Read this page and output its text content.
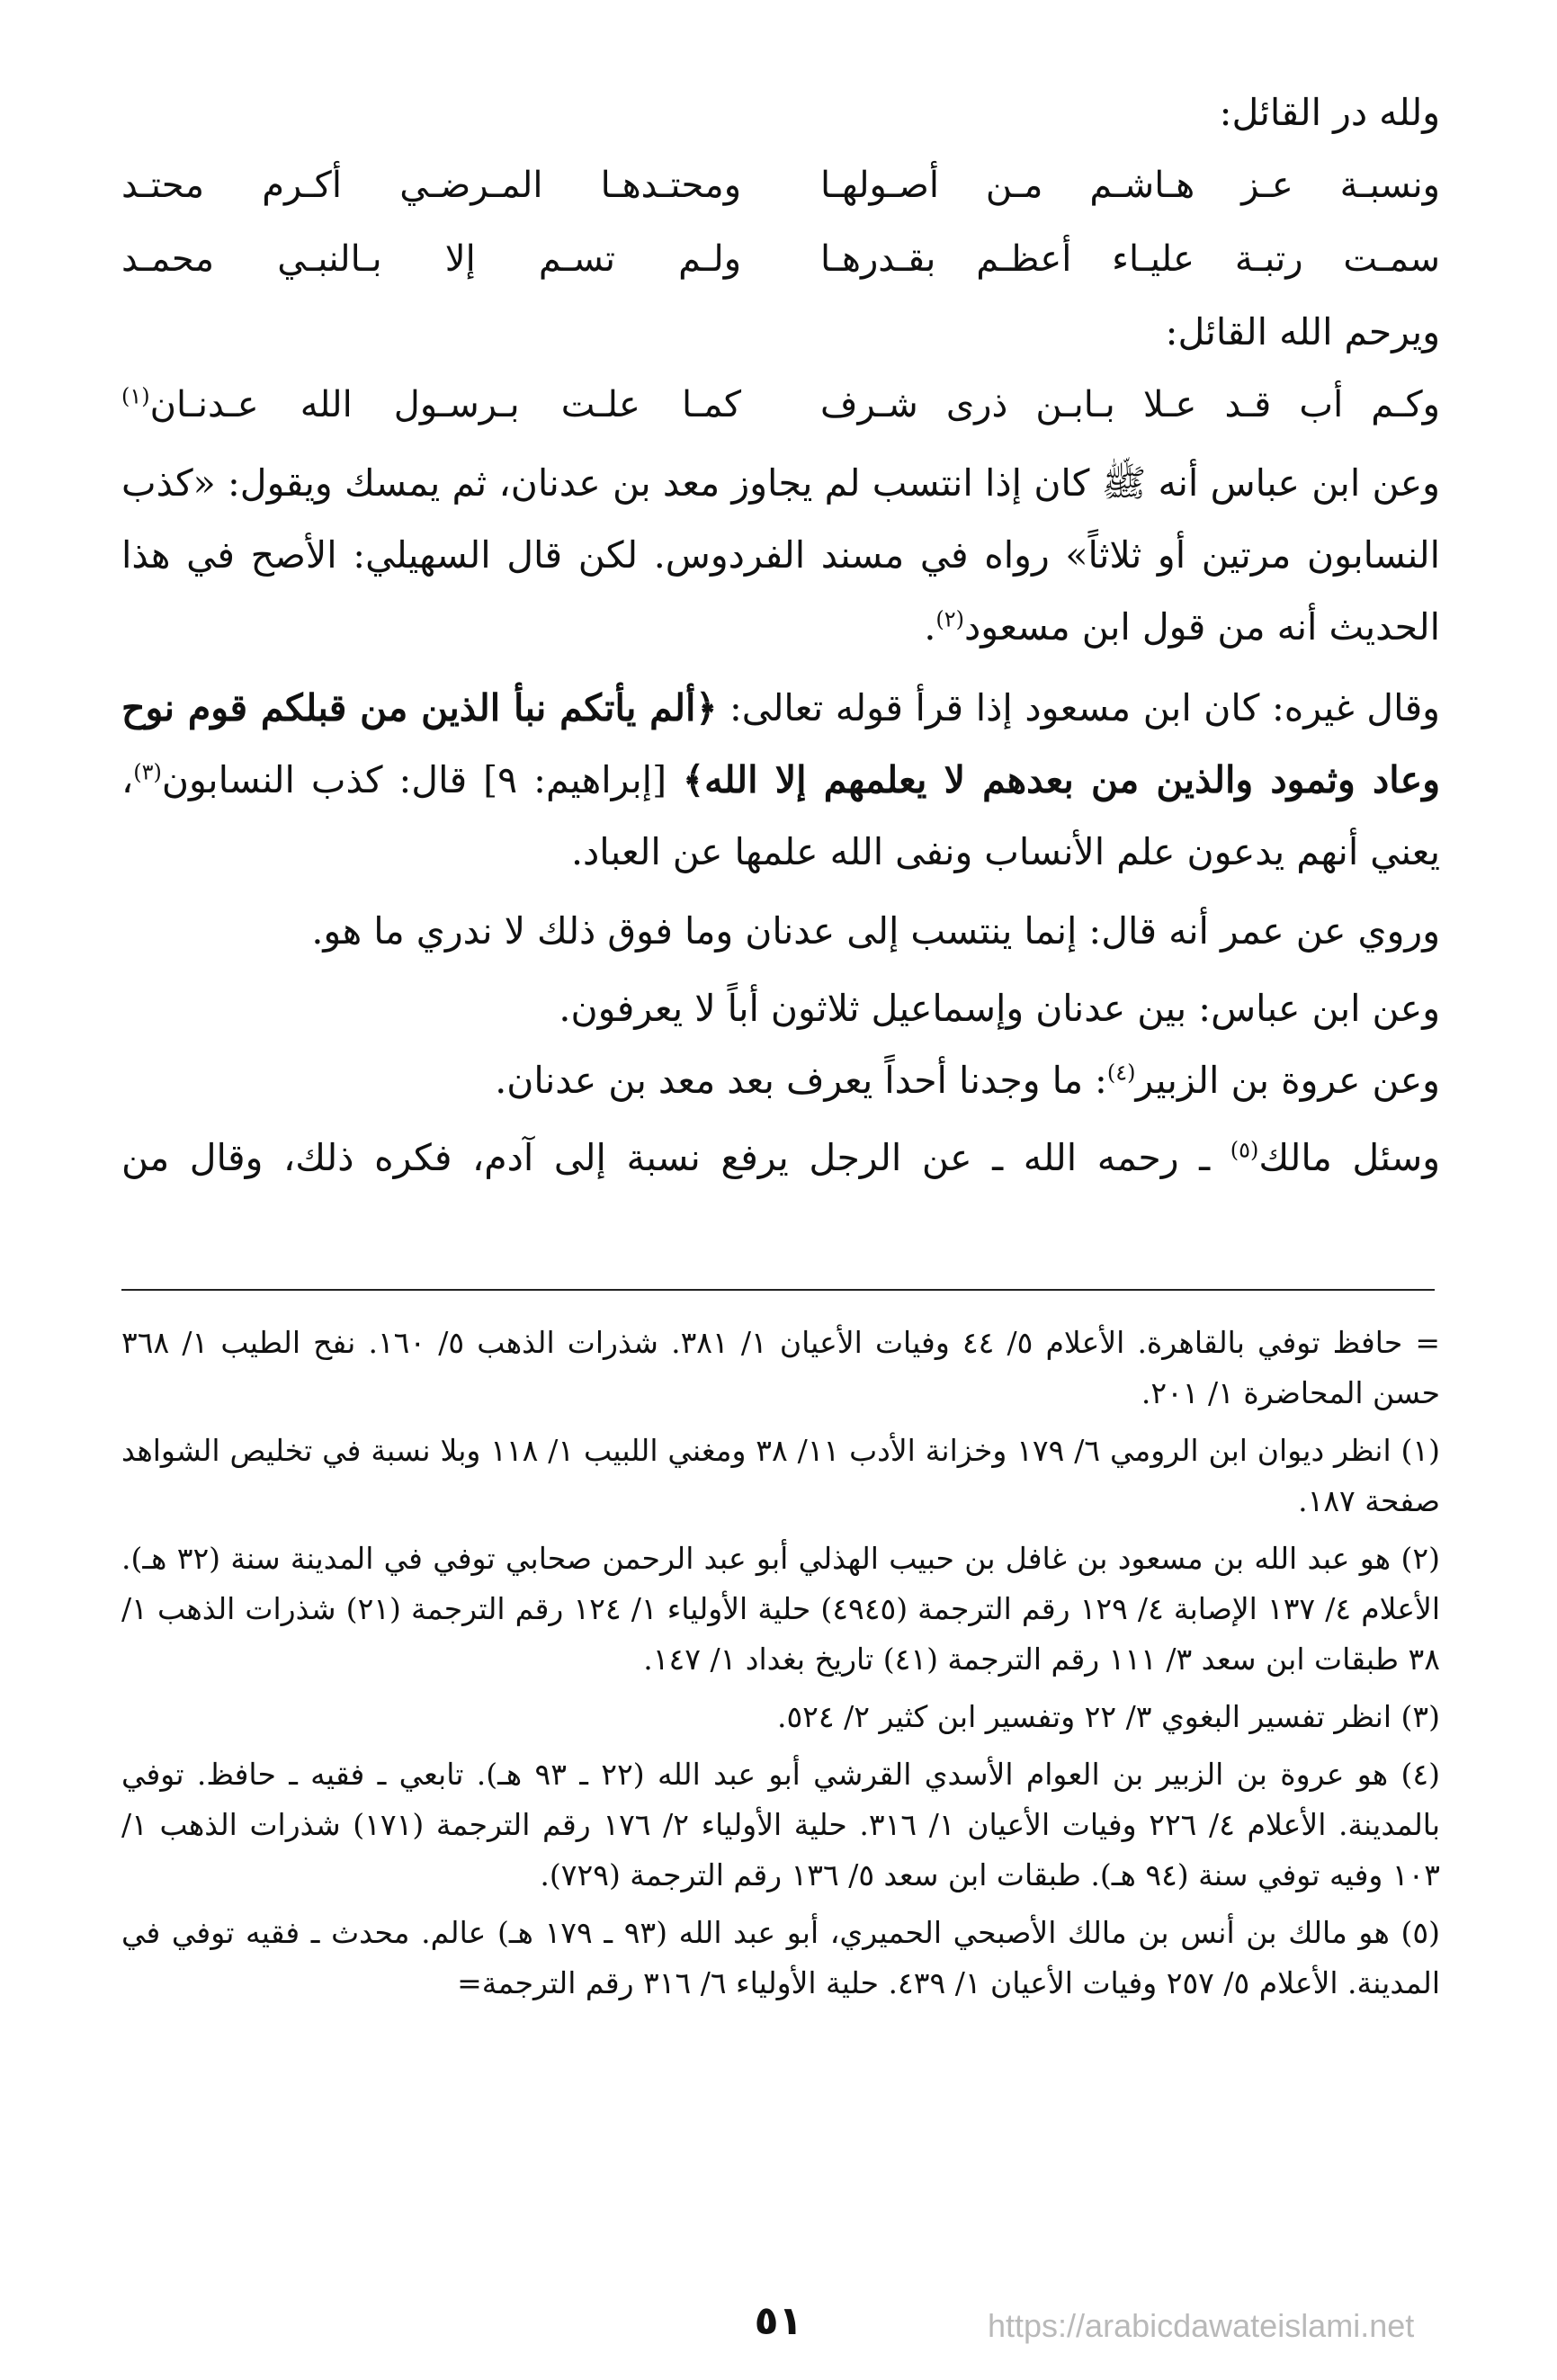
ولله در القائل:

ونسبـة عـز هـاشـم مـن أصـولهـا
ومحتـدهـا المـرضـي أكـرم محتـد
سمـت رتبـة عليـاء أعظـم بقـدرهـا
ولـم تسـم إلا بـالنبـي محمـد

ويرحم الله القائل:

وكـم أب قـد عـلا بـابـن ذرى شـرف
كمـا علـت بـرسـول الله عـدنـان$^{(١)}$

وعن ابن عباس أنه ﷺ كان إذا انتسب لم يجاوز معد بن عدنان، ثم يمسك ويقول: «كذب النسابون مرتين أو ثلاثاً» رواه في مسند الفردوس. لكن قال السهيلي: الأصح في هذا الحديث أنه من قول ابن مسعود$^{(٢)}$.

وقال غيره: كان ابن مسعود إذا قرأ قوله تعالى: ﴿ألم يأتكم نبأ الذين من قبلكم قوم نوح وعاد وثمود والذين من بعدهم لا يعلمهم إلا الله﴾ [إبراهيم: ٩] قال: كذب النسابون$^{(٣)}$، يعني أنهم يدعون علم الأنساب ونفى الله علمها عن العباد.

وروي عن عمر أنه قال: إنما ينتسب إلى عدنان وما فوق ذلك لا ندري ما هو.

وعن ابن عباس: بين عدنان وإسماعيل ثلاثون أباً لا يعرفون.

وعن عروة بن الزبير$^{(٤)}$: ما وجدنا أحداً يعرف بعد معد بن عدنان.

وسئل مالك$^{(٥)}$ ـ رحمه الله ـ عن الرجل يرفع نسبة إلى آدم، فكره ذلك، وقال من

= حافظ توفي بالقاهرة. الأعلام ٥/ ٤٤ وفيات الأعيان ١/ ٣٨١. شذرات الذهب ٥/ ١٦٠. نفح الطيب ١/ ٣٦٨ حسن المحاضرة ١/ ٢٠١.

(١) انظر ديوان ابن الرومي ٦/ ١٧٩ وخزانة الأدب ١١/ ٣٨ ومغني اللبيب ١/ ١١٨ وبلا نسبة في تخليص الشواهد صفحة ١٨٧.

(٢) هو عبد الله بن مسعود بن غافل بن حبيب الهذلي أبو عبد الرحمن صحابي توفي في المدينة سنة (٣٢ هـ). الأعلام ٤/ ١٣٧ الإصابة ٤/ ١٢٩ رقم الترجمة (٤٩٤٥) حلية الأولياء ١/ ١٢٤ رقم الترجمة (٢١) شذرات الذهب ١/ ٣٨ طبقات ابن سعد ٣/ ١١١ رقم الترجمة (٤١) تاريخ بغداد ١/ ١٤٧.

(٣) انظر تفسير البغوي ٣/ ٢٢ وتفسير ابن كثير ٢/ ٥٢٤.

(٤) هو عروة بن الزبير بن العوام الأسدي القرشي أبو عبد الله (٢٢ ـ ٩٣ هـ). تابعي ـ فقيه ـ حافظ. توفي بالمدينة. الأعلام ٤/ ٢٢٦ وفيات الأعيان ١/ ٣١٦. حلية الأولياء ٢/ ١٧٦ رقم الترجمة (١٧١) شذرات الذهب ١/ ١٠٣ وفيه توفي سنة (٩٤ هـ). طبقات ابن سعد ٥/ ١٣٦ رقم الترجمة (٧٢٩).

(٥) هو مالك بن أنس بن مالك الأصبحي الحميري، أبو عبد الله (٩٣ ـ ١٧٩ هـ) عالم. محدث ـ فقيه توفي في المدينة. الأعلام ٥/ ٢٥٧ وفيات الأعيان ١/ ٤٣٩. حلية الأولياء ٦/ ٣١٦ رقم الترجمة=

٥١	https://arabicdawateislami.net
